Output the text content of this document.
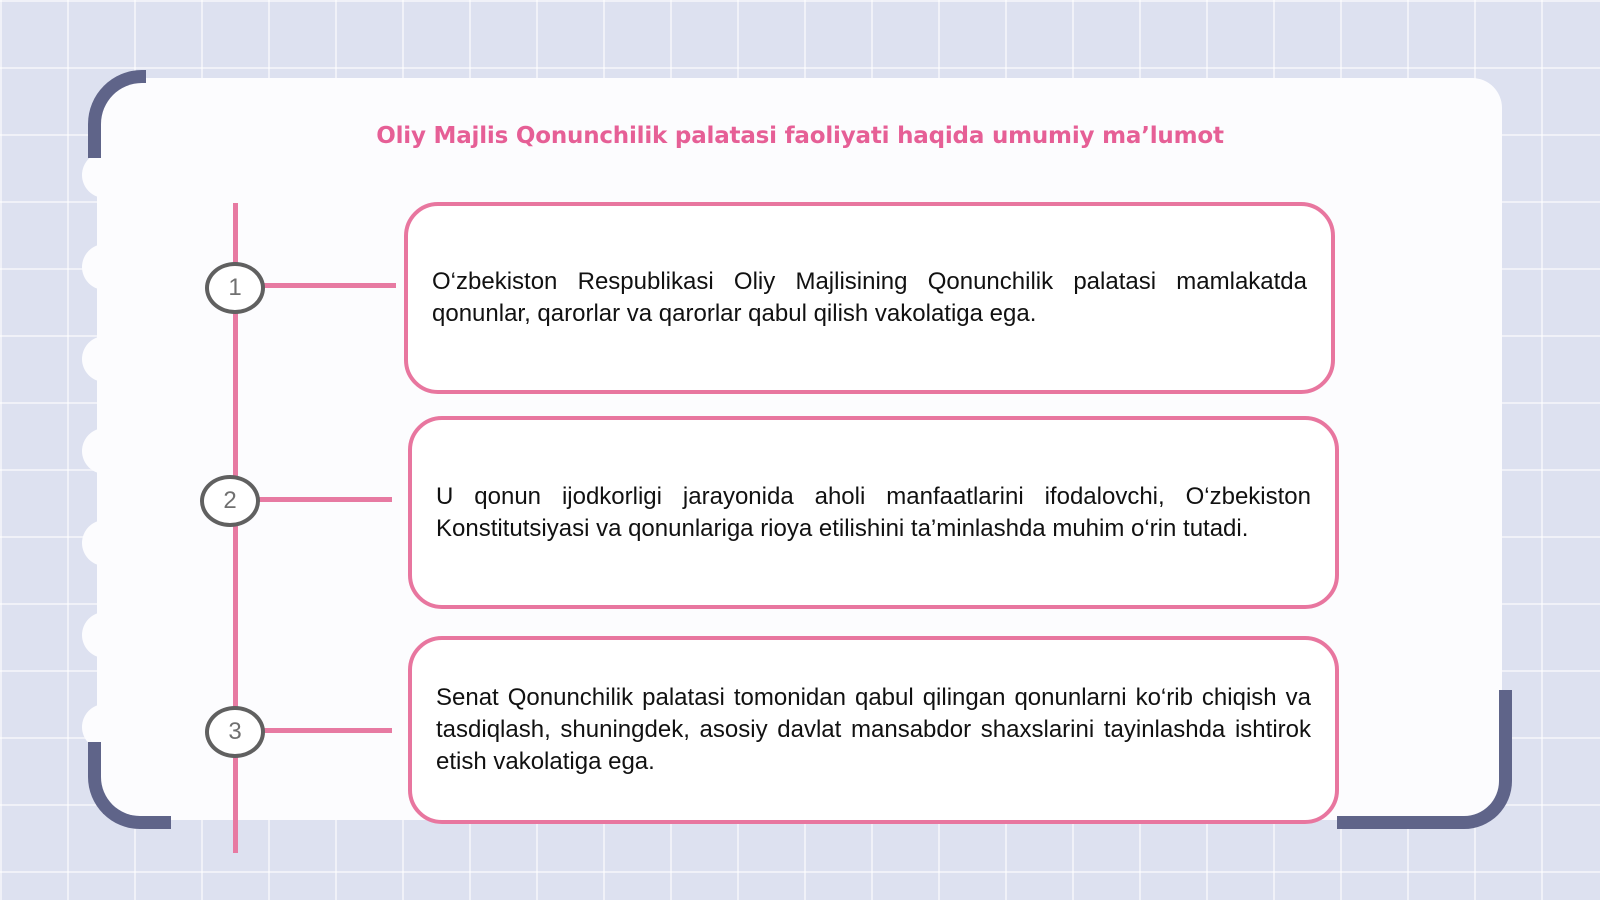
Oliy Majlis Qonunchilik palatasi faoliyati haqida umumiy ma’lumot
1
2
3

O‘zbekiston Respublikasi Oliy Majlisining Qonunchilik palatasi mamlakatda qonunlar, qarorlar va qarorlar qabul qilish vakolatiga ega.

U qonun ijodkorligi jarayonida aholi manfaatlarini ifodalovchi, O‘zbekiston Konstitutsiyasi va qonunlariga rioya etilishini ta’minlashda muhim o‘rin tutadi.

Senat Qonunchilik palatasi tomonidan qabul qilingan qonunlarni ko‘rib chiqish va tasdiqlash, shuningdek, asosiy davlat mansabdor shaxslarini tayinlashda ishtirok etish vakolatiga ega.
